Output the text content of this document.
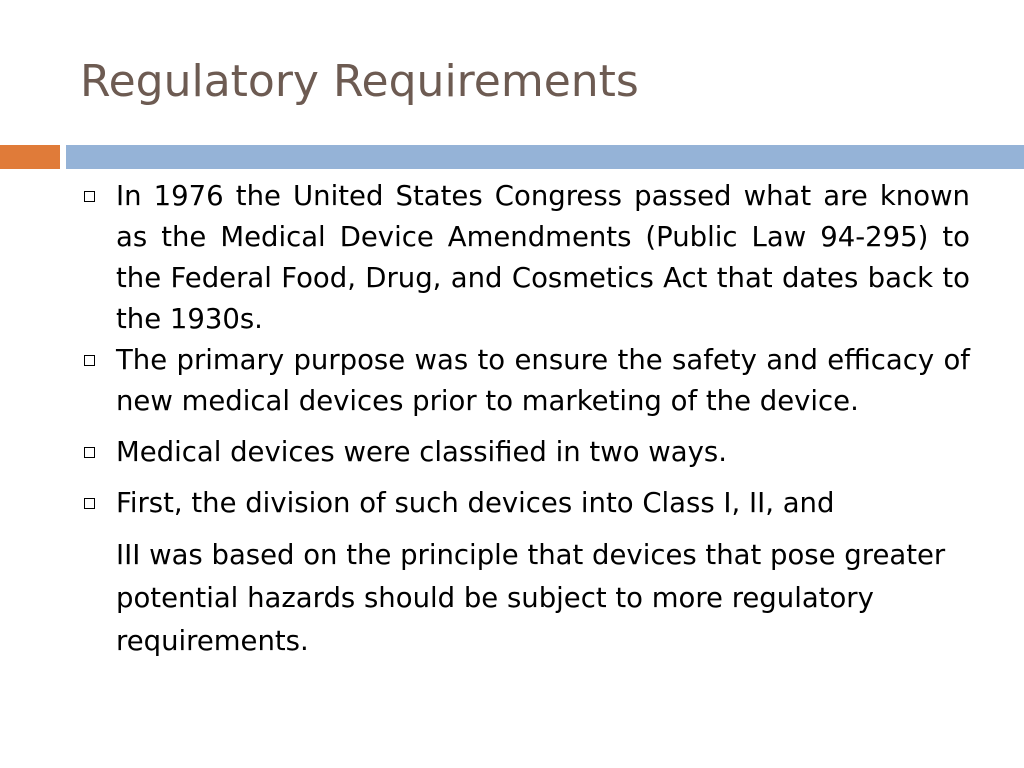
Regulatory Requirements
In 1976 the United States Congress passed what are known as the Medical Device Amendments (Public Law 94-295) to the Federal Food, Drug, and Cosmetics Act that dates back to the 1930s.
The primary purpose was to ensure the safety and efficacy of new medical devices prior to marketing of the device.
Medical devices were classified in two ways.
First, the division of such devices into Class I, II, and
III was based on the principle that devices that pose greater potential hazards should be subject to more regulatory requirements.
